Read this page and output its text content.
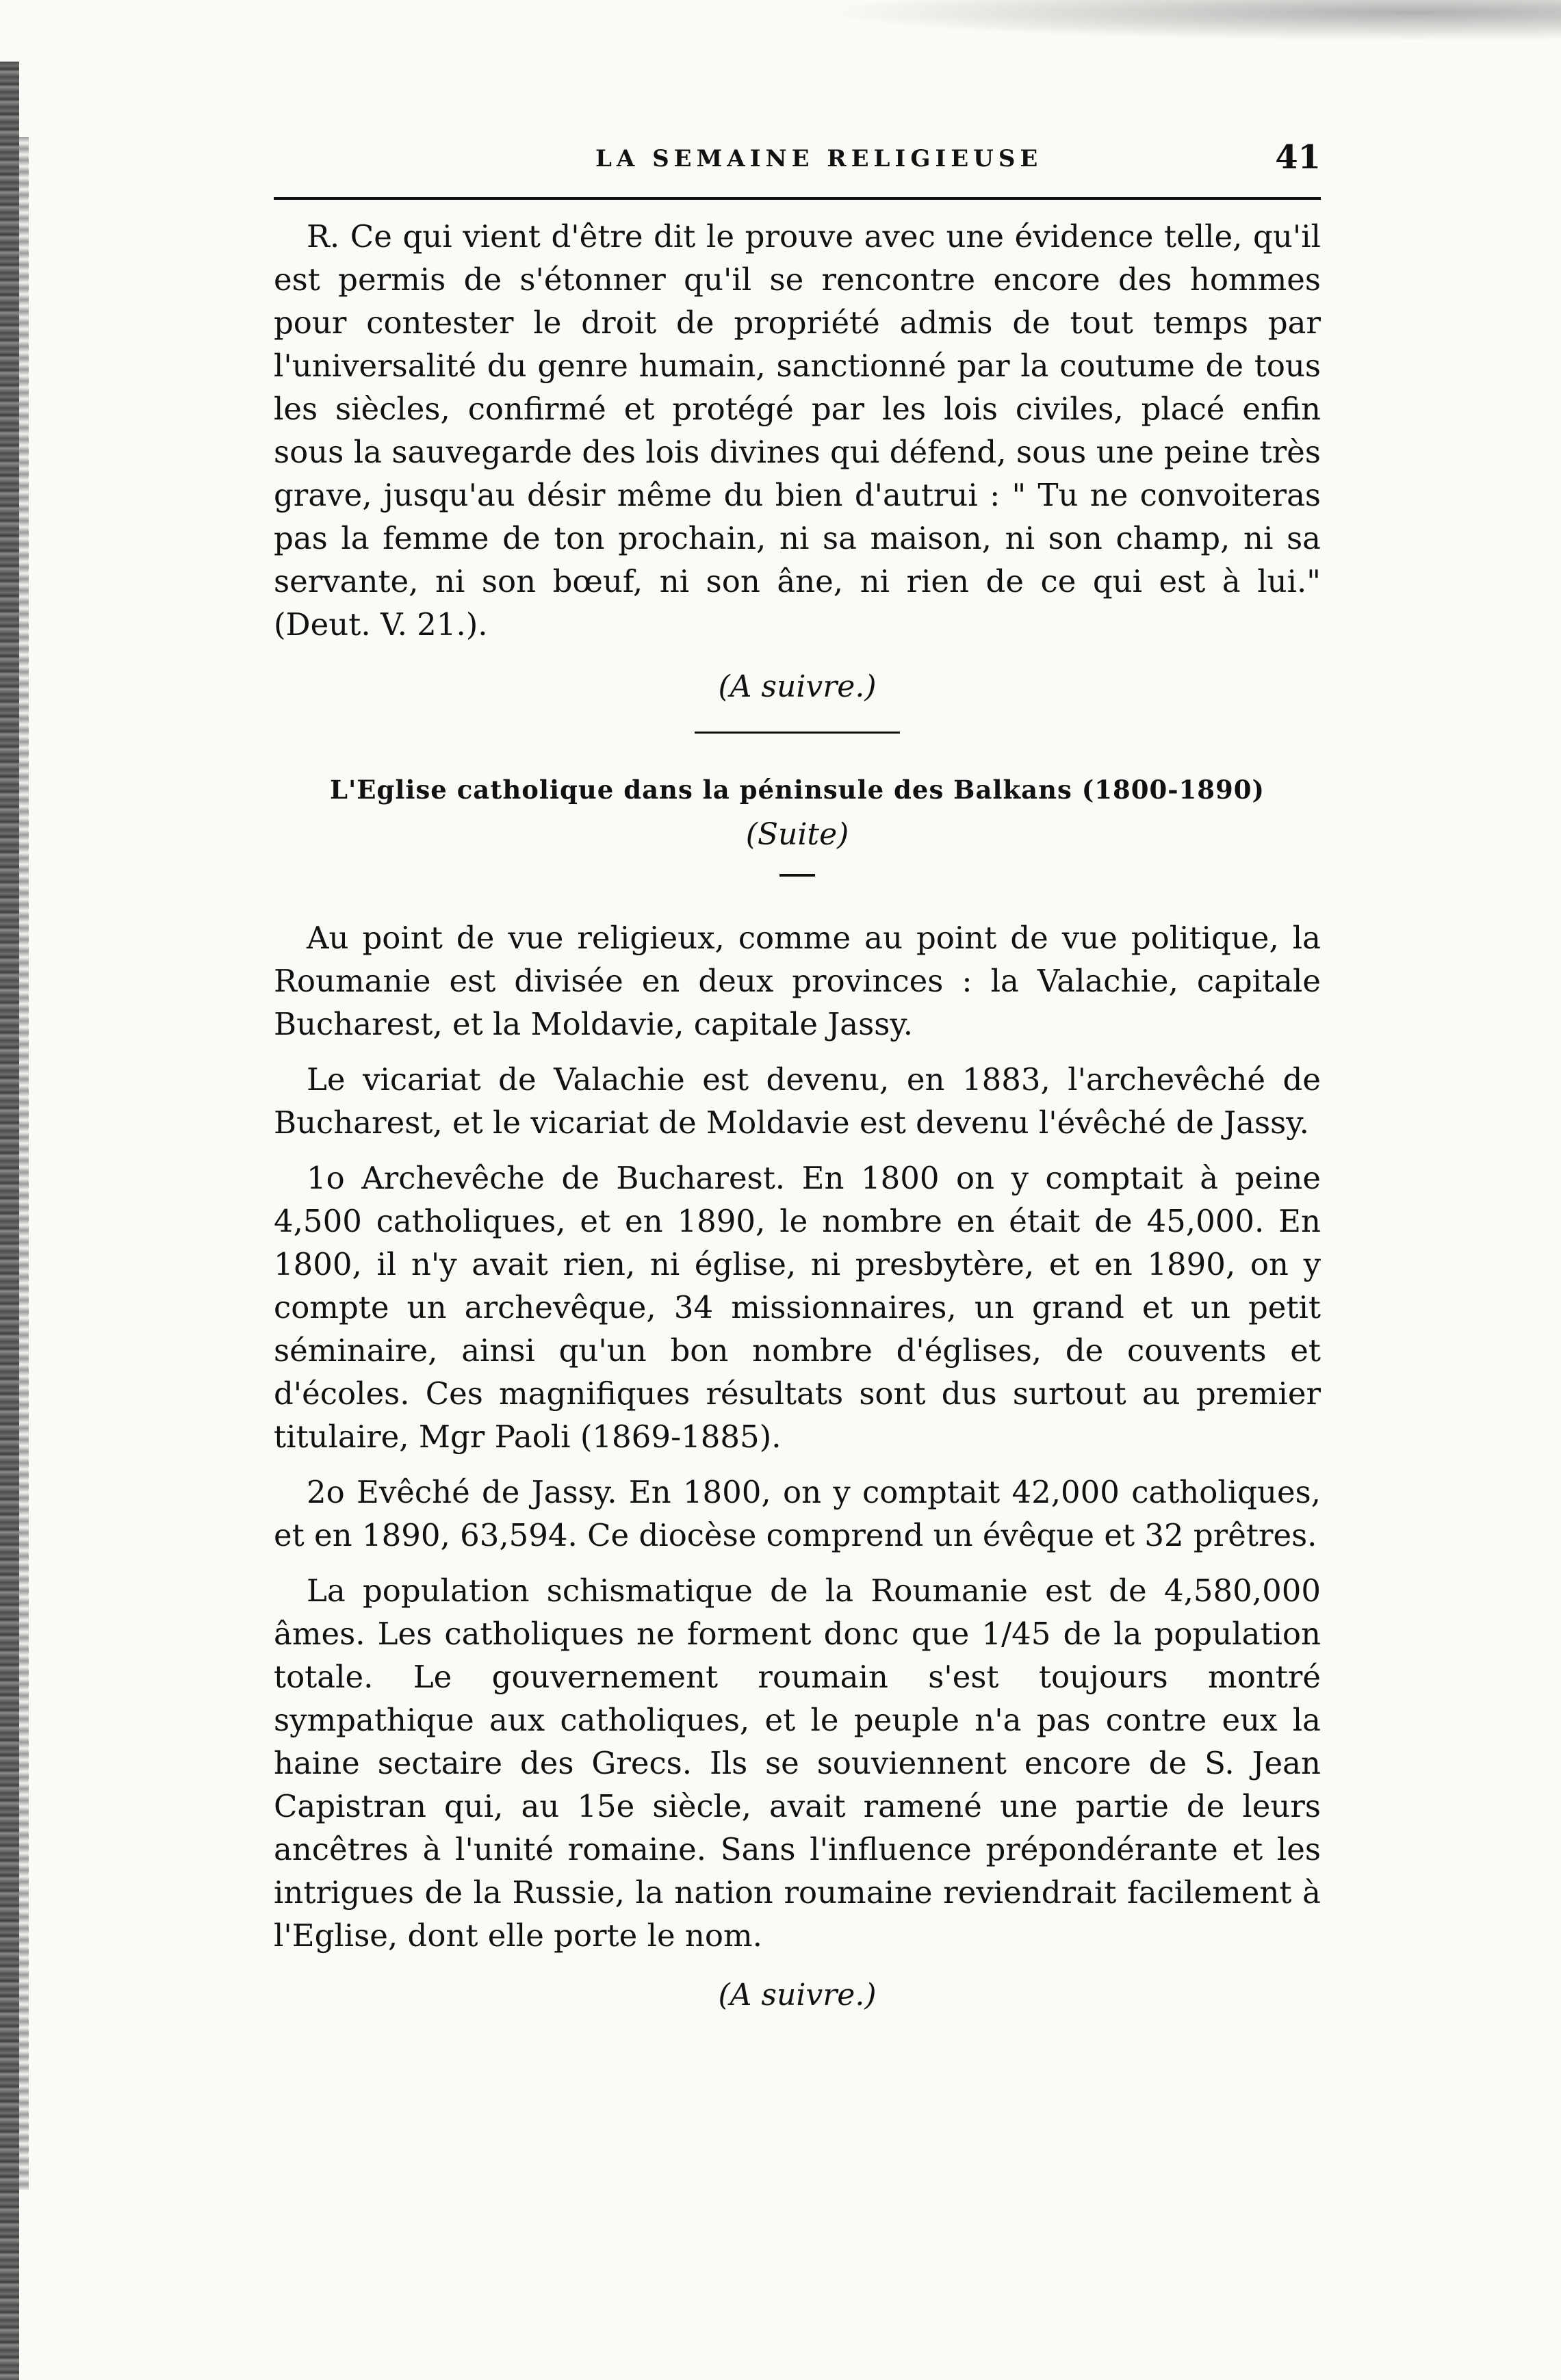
LA SEMAINE RELIGIEUSE	41

R. Ce qui vient d'être dit le prouve avec une évidence telle, qu'il est permis de s'étonner qu'il se rencontre encore des hommes pour contester le droit de propriété admis de tout temps par l'universalité du genre humain, sanctionné par la coutume de tous les siècles, confirmé et protégé par les lois civiles, placé enfin sous la sauvegarde des lois divines qui défend, sous une peine très grave, jusqu'au désir même du bien d'autrui : " Tu ne convoiteras pas la femme de ton prochain, ni sa maison, ni son champ, ni sa servante, ni son bœuf, ni son âne, ni rien de ce qui est à lui." (Deut. V. 21.).

(A suivre.)
L'Eglise catholique dans la péninsule des Balkans (1800-1890)
(Suite)

Au point de vue religieux, comme au point de vue politique, la Roumanie est divisée en deux provinces : la Valachie, capitale Bucharest, et la Moldavie, capitale Jassy.

Le vicariat de Valachie est devenu, en 1883, l'archevêché de Bucharest, et le vicariat de Moldavie est devenu l'évêché de Jassy.

1o Archevêche de Bucharest. En 1800 on y comptait à peine 4,500 catholiques, et en 1890, le nombre en était de 45,000. En 1800, il n'y avait rien, ni église, ni presbytère, et en 1890, on y compte un archevêque, 34 missionnaires, un grand et un petit séminaire, ainsi qu'un bon nombre d'églises, de couvents et d'écoles. Ces magnifiques résultats sont dus surtout au premier titulaire, Mgr Paoli (1869-1885).

2o Evêché de Jassy. En 1800, on y comptait 42,000 catholiques, et en 1890, 63,594. Ce diocèse comprend un évêque et 32 prêtres.

La population schismatique de la Roumanie est de 4,580,000 âmes. Les catholiques ne forment donc que 1/45 de la population totale. Le gouvernement roumain s'est toujours montré sympathique aux catholiques, et le peuple n'a pas contre eux la haine sectaire des Grecs. Ils se souviennent encore de S. Jean Capistran qui, au 15e siècle, avait ramené une partie de leurs ancêtres à l'unité romaine. Sans l'influence prépondérante et les intrigues de la Russie, la nation roumaine reviendrait facilement à l'Eglise, dont elle porte le nom.

(A suivre.)
